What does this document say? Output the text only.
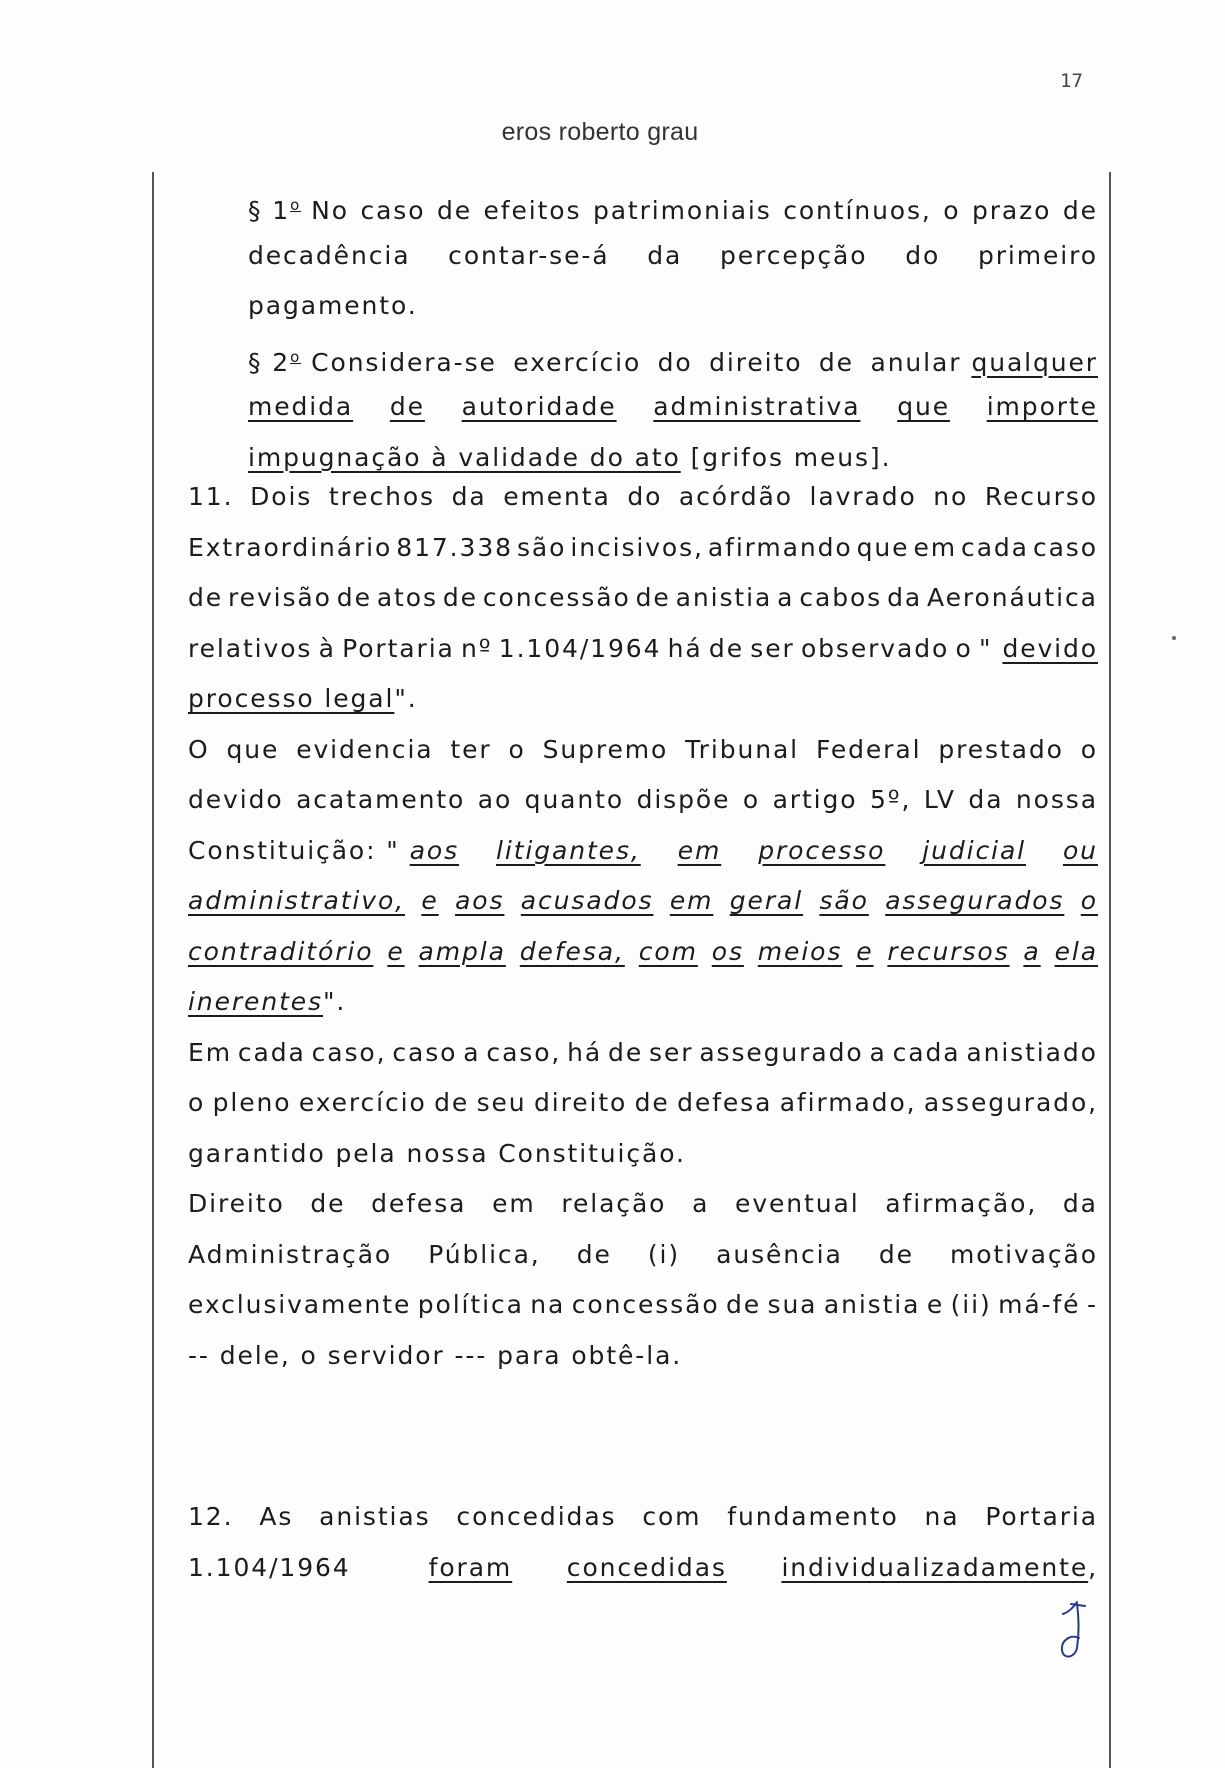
17
eros roberto grau
§ 1$^o$ No caso de efeitos patrimoniais contínuos, o prazo de
decadência contar-se-á da percepção do primeiro
pagamento.
§ 2$^o$ Considera-se exercício do direito de anular qualquer
medida de autoridade administrativa que importe
impugnação à validade do ato
[grifos meus].
11. Dois trechos da ementa do acórdão lavrado no Recurso
Extraordinário 817.338 são incisivos, afirmando que em cada caso
de revisão de atos de concessão de anistia a cabos da Aeronáutica
relativos à Portaria nº 1.104/1964 há de ser observado o " devido
processo legal ".
O que evidencia ter o Supremo Tribunal Federal prestado o
devido acatamento ao quanto dispõe o artigo 5º, LV da nossa
Constituição: " aos litigantes, em processo judicial ou
administrativo, e aos acusados em geral são assegurados o
contraditório e ampla defesa, com os meios e recursos a ela
inerentes ".
Em cada caso, caso a caso, há de ser assegurado a cada anistiado
o pleno exercício de seu direito de defesa afirmado, assegurado,
garantido pela nossa Constituição.
Direito de defesa em relação a eventual afirmação, da
Administração Pública, de (i) ausência de motivação
exclusivamente política na concessão de sua anistia e (ii) má-fé -
-- dele, o servidor --- para obtê-la.
12. As anistias concedidas com fundamento na Portaria
1.104/1964	foram concedidas individualizadamente ,
